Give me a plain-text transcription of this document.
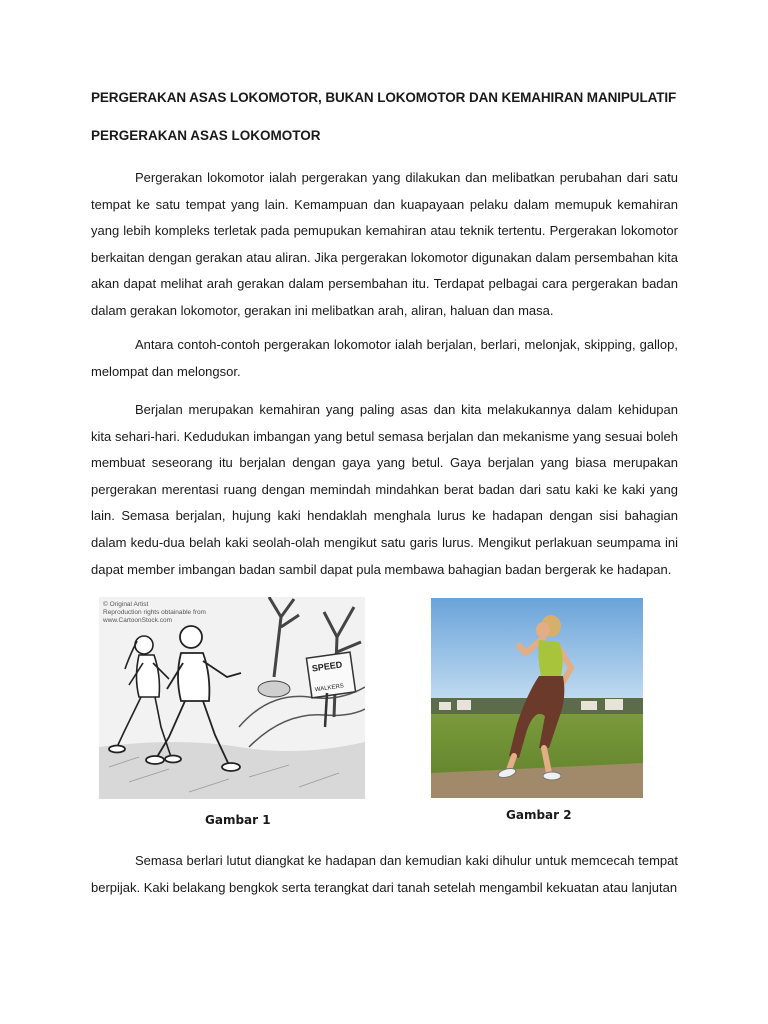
PERGERAKAN ASAS LOKOMOTOR, BUKAN LOKOMOTOR DAN KEMAHIRAN MANIPULATIF
PERGERAKAN ASAS LOKOMOTOR

Pergerakan lokomotor ialah pergerakan yang dilakukan dan melibatkan perubahan dari satu tempat ke satu tempat yang lain. Kemampuan dan kuapayaan pelaku dalam memupuk kemahiran yang lebih kompleks terletak pada pemupukan kemahiran atau teknik tertentu. Pergerakan lokomotor berkaitan dengan gerakan atau aliran. Jika pergerakan lokomotor digunakan dalam persembahan kita akan dapat melihat arah gerakan dalam persembahan itu. Terdapat pelbagai cara pergerakan badan dalam gerakan lokomotor, gerakan ini melibatkan arah, aliran, haluan dan masa.

Antara contoh-contoh pergerakan lokomotor ialah berjalan, berlari, melonjak, skipping, gallop, melompat dan melongsor.

Berjalan merupakan kemahiran yang paling asas dan kita melakukannya dalam kehidupan kita sehari-hari. Kedudukan imbangan yang betul semasa berjalan dan mekanisme yang sesuai boleh membuat seseorang itu berjalan dengan gaya yang betul. Gaya berjalan yang biasa merupakan pergerakan merentasi ruang dengan memindah mindahkan berat badan dari satu kaki ke kaki yang lain. Semasa berjalan, hujung kaki hendaklah menghala lurus ke hadapan dengan sisi bahagian dalam kedu-dua belah kaki seolah-olah mengikut satu garis lurus. Mengikut perlakuan seumpama ini dapat member imbangan badan sambil dapat pula membawa bahagian badan bergerak ke hadapan.

SPEED
WALKERS
© Original Artist
Reproduction rights obtainable from
www.CartoonStock.com
Gambar 1	Gambar 2

Semasa berlari lutut diangkat ke hadapan dan kemudian kaki dihulur untuk memcecah tempat berpijak. Kaki belakang bengkok serta terangkat dari tanah setelah mengambil kekuatan atau lanjutan
